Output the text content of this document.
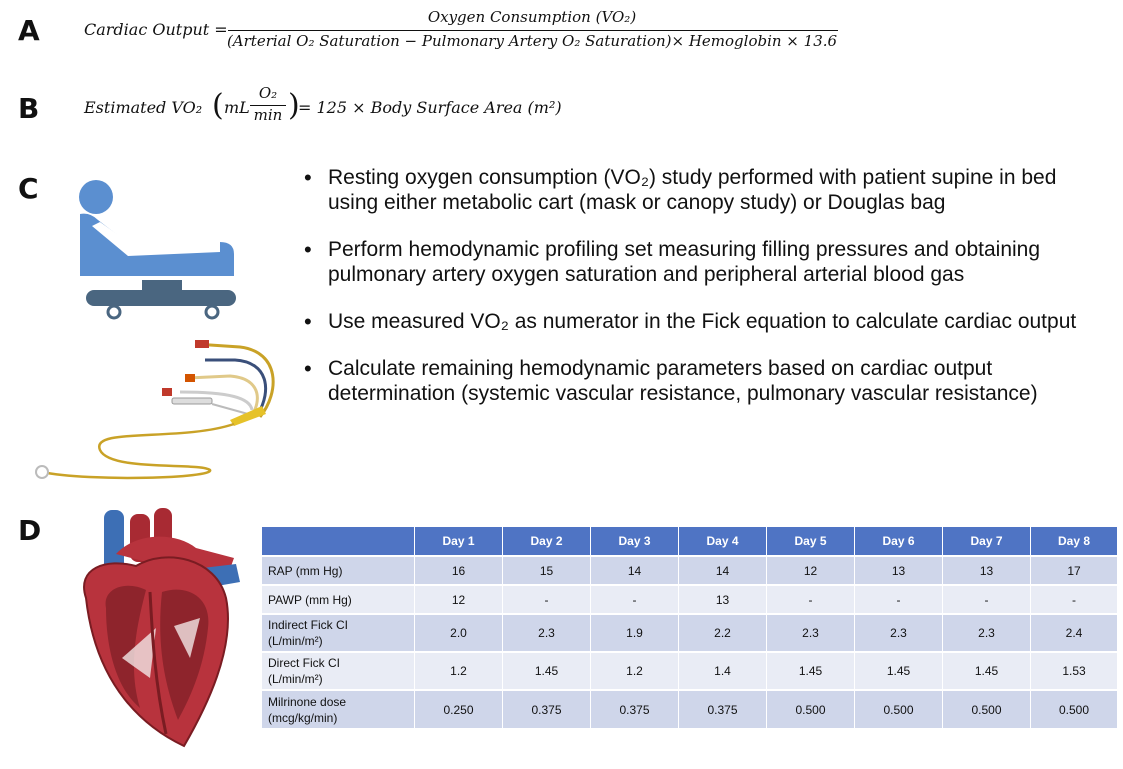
A	Cardiac Output =
Oxygen Consumption (VO₂)
(Arterial O₂ Saturation − Pulmonary Artery O₂ Saturation)× Hemoglobin × 13.6
B	Estimated VO₂ ( mL
O₂
min )
= 125 × Body Surface Area (m²)
C	• Resting oxygen consumption (VO₂) study performed with patient supine in bed using either metabolic cart (mask or canopy study) or Douglas bag
• Perform hemodynamic profiling set measuring filling pressures and obtaining pulmonary artery oxygen saturation and peripheral arterial blood gas
• Use measured VO₂ as numerator in the Fick equation to calculate cardiac output
• Calculate remaining hemodynamic parameters based on cardiac output determination (systemic vascular resistance, pulmonary vascular resistance)
D
		Day 1	Day 2	Day 3	Day 4	Day 5	Day 6	Day 7	Day 8
RAP (mm Hg)	16	15	14	14	12	13	13	17
PAWP (mm Hg)	12	-	-	13	-	-	-	-
Indirect Fick CI
(L/min/m²)	2.0	2.3	1.9	2.2	2.3	2.3	2.3	2.4
Direct Fick CI
(L/min/m²)	1.2	1.45	1.2	1.4	1.45	1.45	1.45	1.53
Milrinone dose
(mcg/kg/min)	0.250	0.375	0.375	0.375	0.500	0.500	0.500	0.500
